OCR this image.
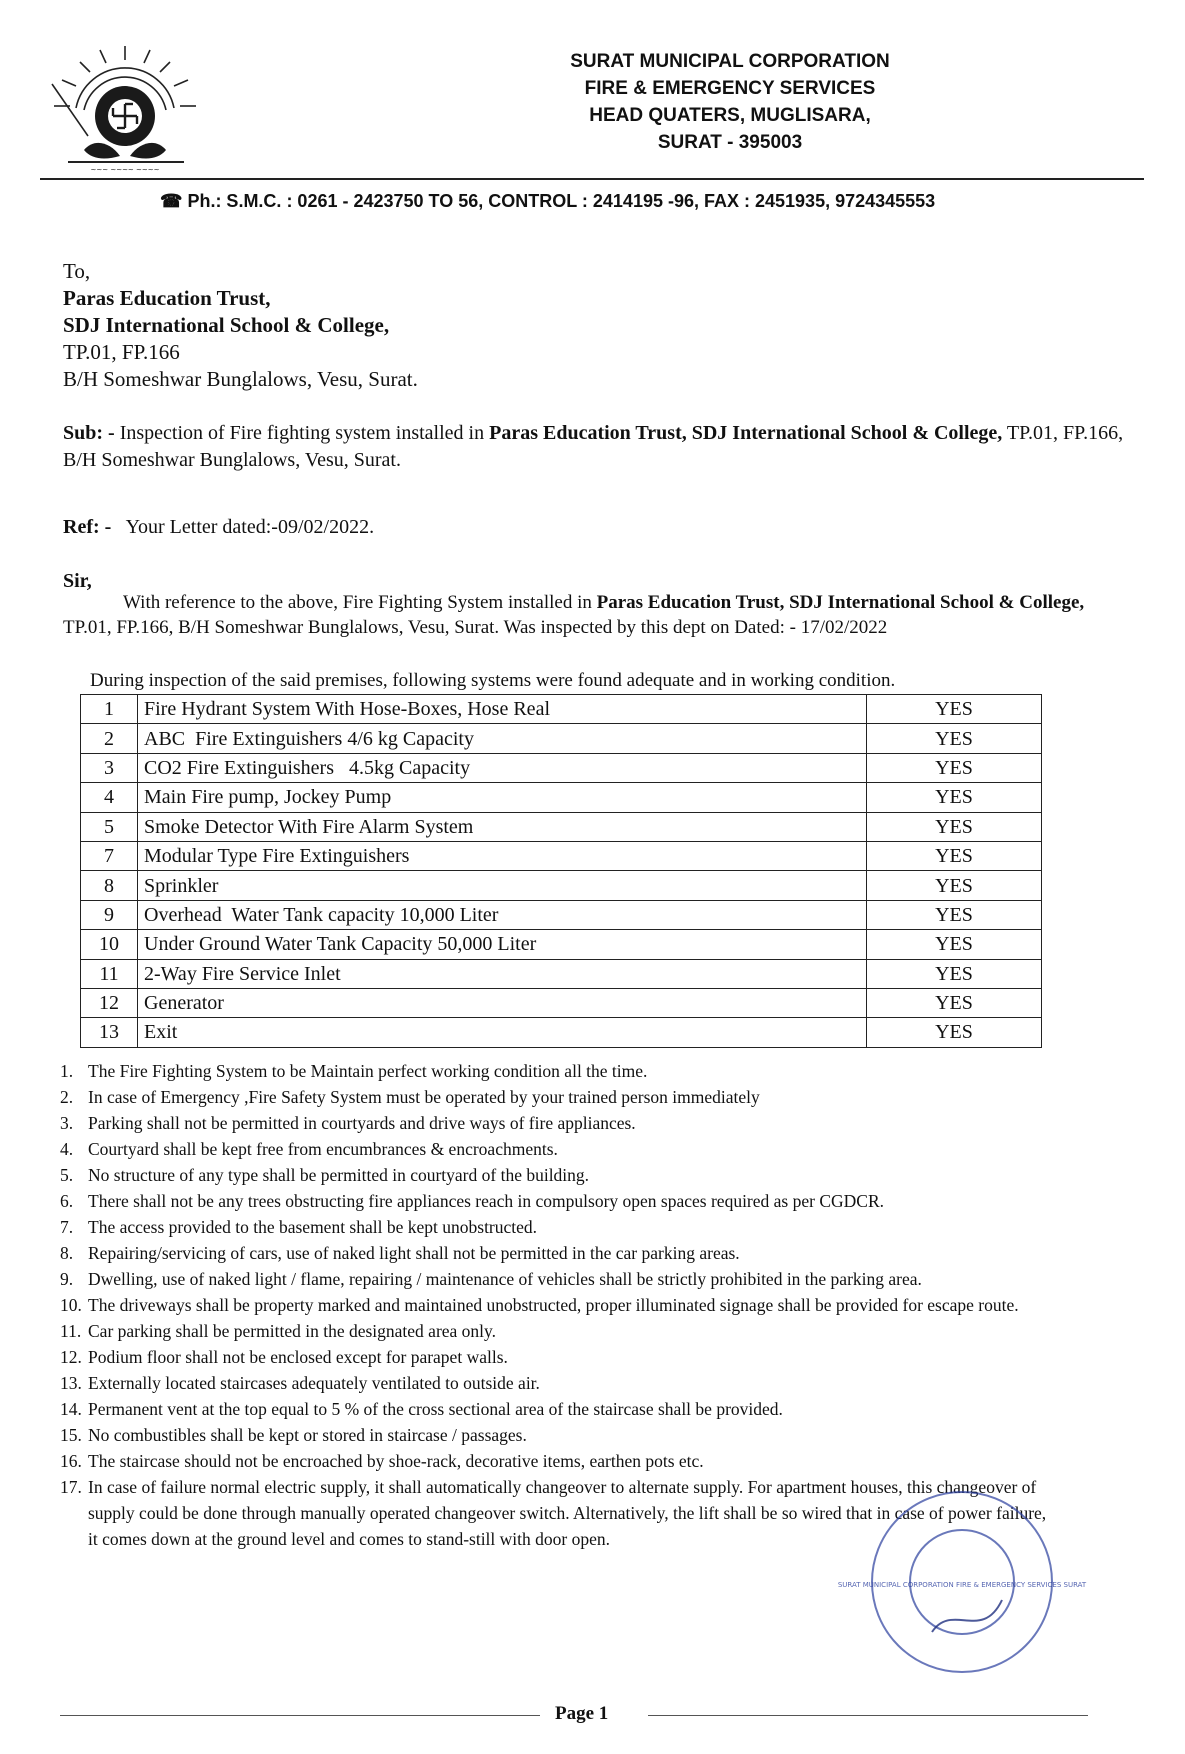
~~~ ~~~~ ~~~~
SURAT MUNICIPAL CORPORATION
FIRE & EMERGENCY SERVICES
HEAD QUATERS, MUGLISARA,
SURAT - 395003
☎ Ph.: S.M.C. : 0261 - 2423750 TO 56, CONTROL : 2414195 -96, FAX : 2451935, 9724345553
To,
Paras Education Trust,
SDJ International School & College,
TP.01, FP.166
B/H Someshwar Bunglalows, Vesu, Surat.
Sub: - Inspection of Fire fighting system installed in Paras Education Trust, SDJ International School & College, TP.01, FP.166, B/H Someshwar Bunglalows, Vesu, Surat.
Ref: - Your Letter dated:-09/02/2022.
Sir,
With reference to the above, Fire Fighting System installed in Paras Education Trust, SDJ International School & College, TP.01, FP.166, B/H Someshwar Bunglalows, Vesu, Surat. Was inspected by this dept on Dated: - 17/02/2022
During inspection of the said premises, following systems were found adequate and in working condition.
1	Fire Hydrant System With Hose-Boxes, Hose Real	YES
2	ABC  Fire Extinguishers 4/6 kg Capacity	YES
3	CO2 Fire Extinguishers   4.5kg Capacity	YES
4	Main Fire pump, Jockey Pump	YES
5	Smoke Detector With Fire Alarm System	YES
7	Modular Type Fire Extinguishers	YES
8	Sprinkler	YES
9	Overhead  Water Tank capacity 10,000 Liter	YES
10	Under Ground Water Tank Capacity 50,000 Liter	YES
11	2-Way Fire Service Inlet	YES
12	Generator	YES
13	Exit	YES
1. The Fire Fighting System to be Maintain perfect working condition all the time.
2. In case of Emergency ,Fire Safety System must be operated by your trained person immediately
3. Parking shall not be permitted in courtyards and drive ways of fire appliances.
4. Courtyard shall be kept free from encumbrances & encroachments.
5. No structure of any type shall be permitted in courtyard of the building.
6. There shall not be any trees obstructing fire appliances reach in compulsory open spaces required as per CGDCR.
7. The access provided to the basement shall be kept unobstructed.
8. Repairing/servicing of cars, use of naked light shall not be permitted in the car parking areas.
9. Dwelling, use of naked light / flame, repairing / maintenance of vehicles shall be strictly prohibited in the parking area.
10. The driveways shall be property marked and maintained unobstructed, proper illuminated signage shall be provided for escape route.
11. Car parking shall be permitted in the designated area only.
12. Podium floor shall not be enclosed except for parapet walls.
13. Externally located staircases adequately ventilated to outside air.
14. Permanent vent at the top equal to 5 % of the cross sectional area of the staircase shall be provided.
15. No combustibles shall be kept or stored in staircase / passages.
16. The staircase should not be encroached by shoe-rack, decorative items, earthen pots etc.
17. In case of failure normal electric supply, it shall automatically changeover to alternate supply. For apartment houses, this changeover of supply could be done through manually operated changeover switch. Alternatively, the lift shall be so wired that in case of power failure, it comes down at the ground level and comes to stand-still with door open.
SURAT MUNICIPAL CORPORATION FIRE & EMERGENCY SERVICES SURAT
Page 1
